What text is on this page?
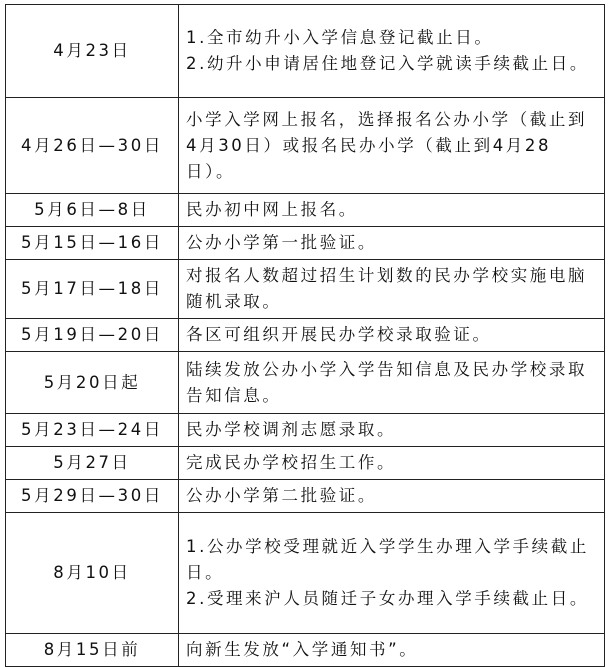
4月23日	1.全市幼升小入学信息登记截止日。

2.幼升小申请居住地登记入学就读手续截止日。

4月26日—30日	小学入学网上报名，选择报名公办小学（截止到4月30日）或报名民办小学（截止到4月28日）。

5月6日—8日	民办初中网上报名。

5月15日—16日	公办小学第一批验证。

5月17日—18日	对报名人数超过招生计划数的民办学校实施电脑随机录取。

5月19日—20日	各区可组织开展民办学校录取验证。

5月20日起	陆续发放公办小学入学告知信息及民办学校录取告知信息。

5月23日—24日	民办学校调剂志愿录取。

5月27日	完成民办学校招生工作。

5月29日—30日	公办小学第二批验证。

8月10日	1.公办学校受理就近入学学生办理入学手续截止日。

2.受理来沪人员随迁子女办理入学手续截止日。

8月15日前	向新生发放“入学通知书”。
